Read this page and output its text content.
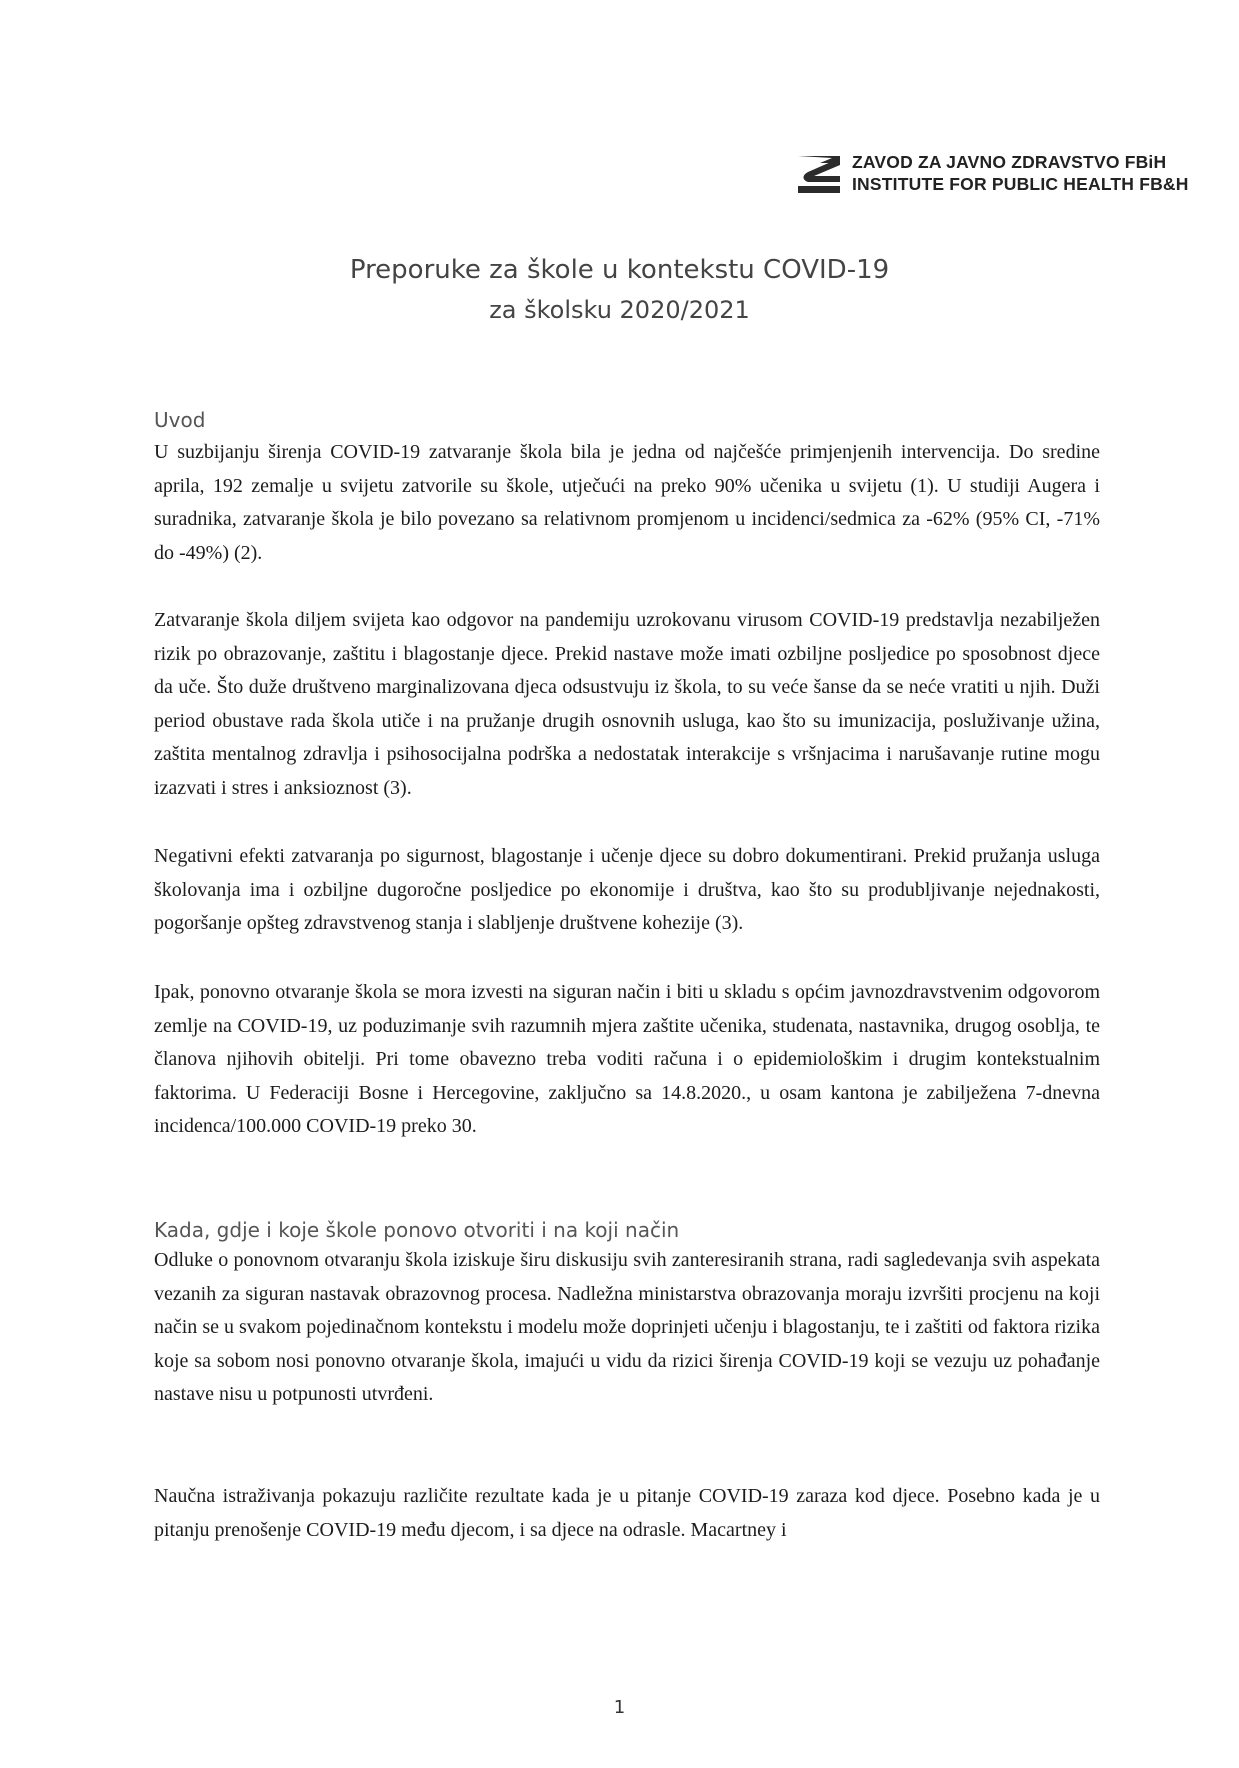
ZAVOD ZA JAVNO ZDRAVSTVO FBiH
INSTITUTE FOR PUBLIC HEALTH FB&H
Preporuke za škole u kontekstu COVID-19
za školsku 2020/2021
Uvod

U suzbijanju širenja COVID-19 zatvaranje škola bila je jedna od najčešće primjenjenih intervencija. Do sredine aprila, 192 zemalje u svijetu zatvorile su škole, utječući na preko 90% učenika u svijetu (1). U studiji Augera i suradnika, zatvaranje škola je bilo povezano sa relativnom promjenom u incidenci/sedmica za -62% (95% CI, -71% do -49%) (2).

Zatvaranje škola diljem svijeta kao odgovor na pandemiju uzrokovanu virusom COVID-19 predstavlja nezabilježen rizik po obrazovanje, zaštitu i blagostanje djece. Prekid nastave može imati ozbiljne posljedice po sposobnost djece da uče. Što duže društveno marginalizovana djeca odsustvuju iz škola, to su veće šanse da se neće vratiti u njih. Duži period obustave rada škola utiče i na pružanje drugih osnovnih usluga, kao što su imunizacija, posluživanje užina, zaštita mentalnog zdravlja i psihosocijalna podrška a nedostatak interakcije s vršnjacima i narušavanje rutine mogu izazvati i stres i anksioznost (3).

Negativni efekti zatvaranja po sigurnost, blagostanje i učenje djece su dobro dokumentirani. Prekid pružanja usluga školovanja ima i ozbiljne dugoročne posljedice po ekonomije i društva, kao što su produbljivanje nejednakosti, pogoršanje opšteg zdravstvenog stanja i slabljenje društvene kohezije (3).

Ipak, ponovno otvaranje škola se mora izvesti na siguran način i biti u skladu s općim javnozdravstvenim odgovorom zemlje na COVID-19, uz poduzimanje svih razumnih mjera zaštite učenika, studenata, nastavnika, drugog osoblja, te članova njihovih obitelji. Pri tome obavezno treba voditi računa i o epidemiološkim i drugim kontekstualnim faktorima. U Federaciji Bosne i Hercegovine, zaključno sa 14.8.2020., u osam kantona je zabilježena 7-dnevna incidenca/100.000 COVID-19 preko 30.

Kada, gdje i koje škole ponovo otvoriti i na koji način

Odluke o ponovnom otvaranju škola iziskuje širu diskusiju svih zanteresiranih strana, radi sagledevanja svih aspekata vezanih za siguran nastavak obrazovnog procesa. Nadležna ministarstva obrazovanja moraju izvršiti procjenu na koji način se u svakom pojedinačnom kontekstu i modelu može doprinjeti učenju i blagostanju, te i zaštiti od faktora rizika koje sa sobom nosi ponovno otvaranje škola, imajući u vidu da rizici širenja COVID-19 koji se vezuju uz pohađanje nastave nisu u potpunosti utvrđeni.

Naučna istraživanja pokazuju različite rezultate kada je u pitanje COVID-19 zaraza kod djece. Posebno kada je u pitanju prenošenje COVID-19 među djecom, i sa djece na odrasle. Macartney i

1
